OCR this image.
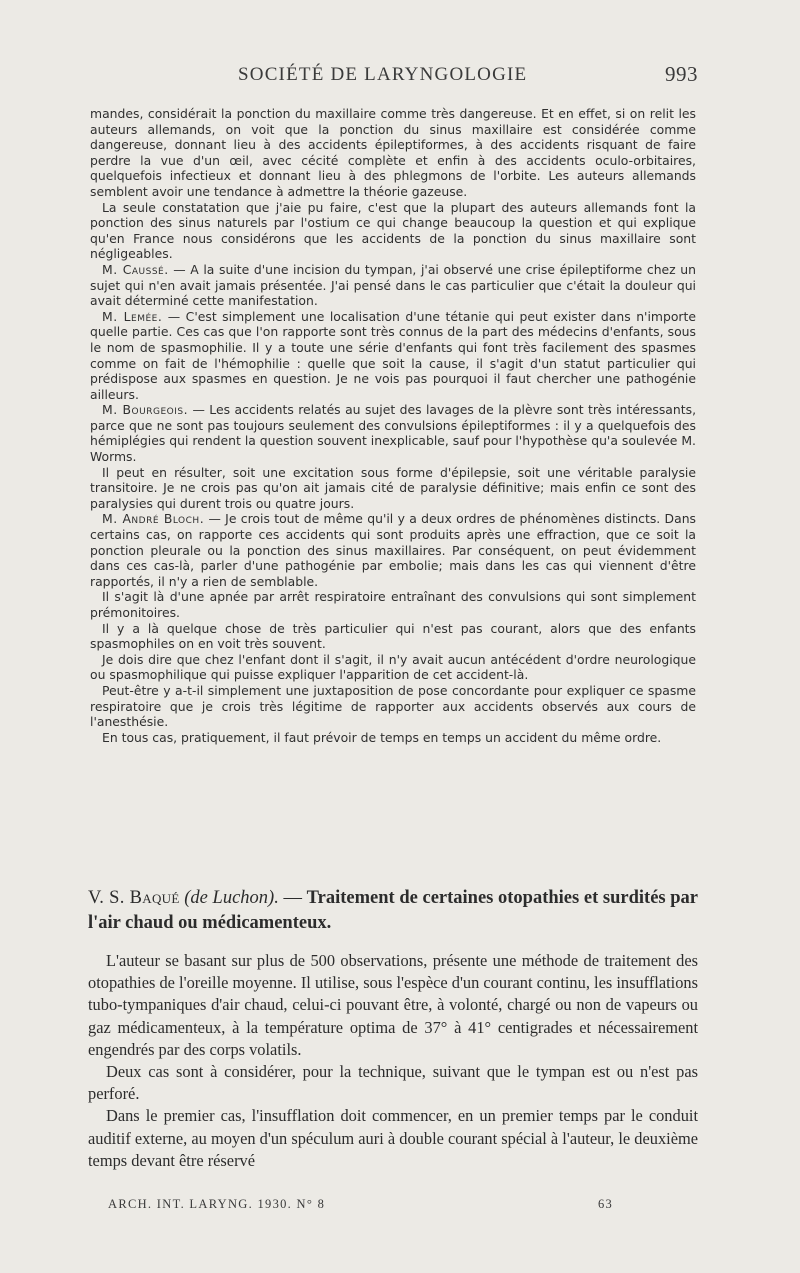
SOCIÉTÉ DE LARYNGOLOGIE	993

mandes, considérait la ponction du maxillaire comme très dangereuse. Et en effet, si on relit les auteurs allemands, on voit que la ponction du sinus maxillaire est considérée comme dangereuse, donnant lieu à des accidents épileptiformes, à des accidents risquant de faire perdre la vue d'un œil, avec cécité complète et enfin à des accidents oculo-orbitaires, quelquefois infectieux et donnant lieu à des phlegmons de l'orbite. Les auteurs allemands semblent avoir une tendance à admettre la théorie gazeuse.

La seule constatation que j'aie pu faire, c'est que la plupart des auteurs allemands font la ponction des sinus naturels par l'ostium ce qui change beaucoup la question et qui explique qu'en France nous considérons que les accidents de la ponction du sinus maxillaire sont négligeables.

M. Caussé. — A la suite d'une incision du tympan, j'ai observé une crise épileptiforme chez un sujet qui n'en avait jamais présentée. J'ai pensé dans le cas particulier que c'était la douleur qui avait déterminé cette manifestation.

M. Lemée. — C'est simplement une localisation d'une tétanie qui peut exister dans n'importe quelle partie. Ces cas que l'on rapporte sont très connus de la part des médecins d'enfants, sous le nom de spasmophilie. Il y a toute une série d'enfants qui font très facilement des spasmes comme on fait de l'hémophilie : quelle que soit la cause, il s'agit d'un statut particulier qui prédispose aux spasmes en question. Je ne vois pas pourquoi il faut chercher une pathogénie ailleurs.

M. Bourgeois. — Les accidents relatés au sujet des lavages de la plèvre sont très intéressants, parce que ne sont pas toujours seulement des convulsions épileptiformes : il y a quelquefois des hémiplégies qui rendent la question souvent inexplicable, sauf pour l'hypothèse qu'a soulevée M. Worms.

Il peut en résulter, soit une excitation sous forme d'épilepsie, soit une véritable paralysie transitoire. Je ne crois pas qu'on ait jamais cité de paralysie définitive; mais enfin ce sont des paralysies qui durent trois ou quatre jours.

M. André Bloch. — Je crois tout de même qu'il y a deux ordres de phénomènes distincts. Dans certains cas, on rapporte ces accidents qui sont produits après une effraction, que ce soit la ponction pleurale ou la ponction des sinus maxillaires. Par conséquent, on peut évidemment dans ces cas-là, parler d'une pathogénie par embolie; mais dans les cas qui viennent d'être rapportés, il n'y a rien de semblable.

Il s'agit là d'une apnée par arrêt respiratoire entraînant des convulsions qui sont simplement prémonitoires.

Il y a là quelque chose de très particulier qui n'est pas courant, alors que des enfants spasmophiles on en voit très souvent.

Je dois dire que chez l'enfant dont il s'agit, il n'y avait aucun antécédent d'ordre neurologique ou spasmophilique qui puisse expliquer l'apparition de cet accident-là.

Peut-être y a-t-il simplement une juxtaposition de pose concordante pour expliquer ce spasme respiratoire que je crois très légitime de rapporter aux accidents observés aux cours de l'anesthésie.

En tous cas, pratiquement, il faut prévoir de temps en temps un accident du même ordre.

V. S. Baqué (de Luchon). — Traitement de certaines otopathies et surdités par l'air chaud ou médicamenteux.

L'auteur se basant sur plus de 500 observations, présente une méthode de traitement des otopathies de l'oreille moyenne. Il utilise, sous l'espèce d'un courant continu, les insufflations tubo-tympaniques d'air chaud, celui-ci pouvant être, à volonté, chargé ou non de vapeurs ou gaz médicamenteux, à la température optima de 37° à 41° centigrades et nécessairement engendrés par des corps volatils.

Deux cas sont à considérer, pour la technique, suivant que le tympan est ou n'est pas perforé.

Dans le premier cas, l'insufflation doit commencer, en un premier temps par le conduit auditif externe, au moyen d'un spéculum auri à double courant spécial à l'auteur, le deuxième temps devant être réservé

ARCH. INT. LARYNG. 1930. N° 8	63
